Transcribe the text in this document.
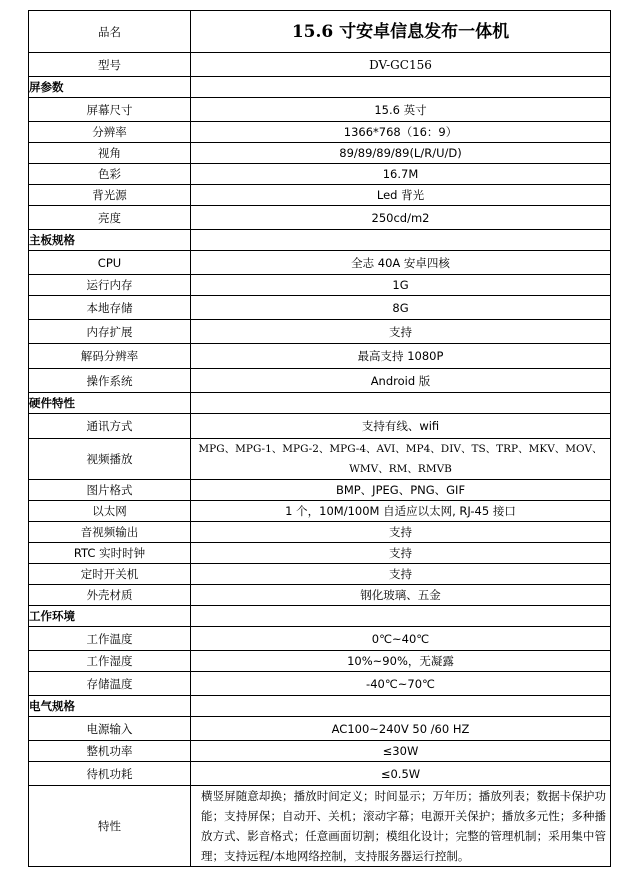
品名	15.6 寸安卓信息发布一体机
型号	DV-GC156
屏参数	
屏幕尺寸	15.6 英寸
分辨率	1366*768（16：9）
视角	89/89/89/89(L/R/U/D)
色彩	16.7M
背光源	Led 背光
亮度	250cd/m2
主板规格	
CPU	全志 40A 安卓四核
运行内存	1G
本地存储	8G
内存扩展	支持
解码分辨率	最高支持 1080P
操作系统	Android 版
硬件特性	
通讯方式	支持有线、wifi
视频播放	MPG、MPG-1、MPG-2、MPG-4、AVI、MP4、DIV、TS、TRP、MKV、MOV、WMV、RM、RMVB
图片格式	BMP、JPEG、PNG、GIF
以太网	1 个，10M/100M 自适应以太网, RJ-45 接口
音视频输出	支持
RTC 实时时钟	支持
定时开关机	支持
外壳材质	钢化玻璃、五金
工作环境	
工作温度	0℃~40℃
工作湿度	10%~90%，无凝露
存储温度	-40℃~70℃
电气规格	
电源输入	AC100~240V 50 /60 HZ
整机功率	≤30W
待机功耗	≤0.5W
特性	横竖屏随意却换；播放时间定义；时间显示；万年历；播放列表；数据卡保护功能；支持屏保；自动开、关机；滚动字幕；电源开关保护；播放多元性；多种播放方式、影音格式；任意画面切割；模组化设计；完整的管理机制；采用集中管理；支持远程/本地网络控制，支持服务器运行控制。
